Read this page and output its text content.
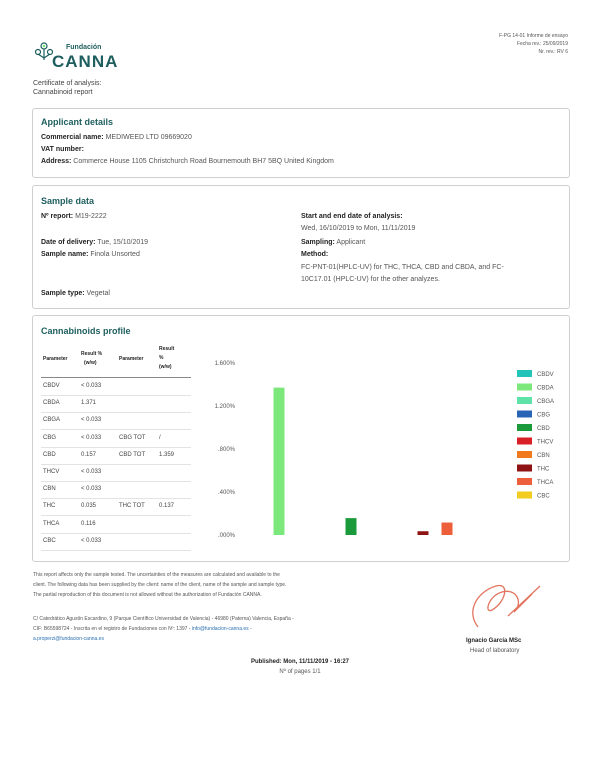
F-PG 14-01 Informe de ensayo
Fecha rev.: 25/09/2019
Nr. rev.: RV 6
Fundación
CANNA
Certificate of analysis:
Cannabinoid report
Applicant details
Commercial name: MEDIWEED LTD 09669020
VAT number:
Address: Commerce House 1105 Christchurch Road Bournemouth BH7 5BQ United Kingdom
Sample data
Nº report: M19-2222
Date of delivery: Tue, 15/10/2019
Sample name: Finola Unsorted
Sample type: Vegetal
Start and end date of analysis:
Wed, 16/10/2019 to Mon, 11/11/2019
Sampling: Applicant
Method:
FC-PNT-01(HPLC-UV) for THC, THCA, CBD and CBDA, and FC-
10C17.01 (HPLC-UV) for the other analyzes.
Cannabinoids profile
Parameter
Result %
(w/w)
Parameter
Result
%
(w/w)
CBDV	< 0.033
CBDA	1.371
CBGA	< 0.033
CBG	< 0.033	CBG TOT /
CBD	0.157	CBD TOT 1.359
THCV	< 0.033
CBN	< 0.033
THC	0.035	THC TOT 0.137
THCA	0.116
CBC	< 0.033
1.600%
1.200%
.800%
.400%
.000%
CBDV
CBDA
CBGA
CBG
CBD
THCV
CBN
THC
THCA
CBC
This report affects only the sample tested. The uncertainties of the measures are calculated and available to the
client. The following data has been supplied by the client: name of the client, name of the sample and sample type.
The partial reproduction of this document is not allowed without the authorization of Fundación CANNA.
C/ Catedrático Agustín Escardino, 9 (Parque Científico Universidad de Valencia) - 46980 (Paterna) Valencia, España -
CIF: B65598724 - Inscrita en el registro de Fundaciones con Nº: 1397 - info@fundacion-canna.es -
a.properzi@fundacion-canna.es	Ignacio García MSc
Head of laboratory
Published: Mon, 11/11/2019 - 16:27
Nº of pages 1/1
